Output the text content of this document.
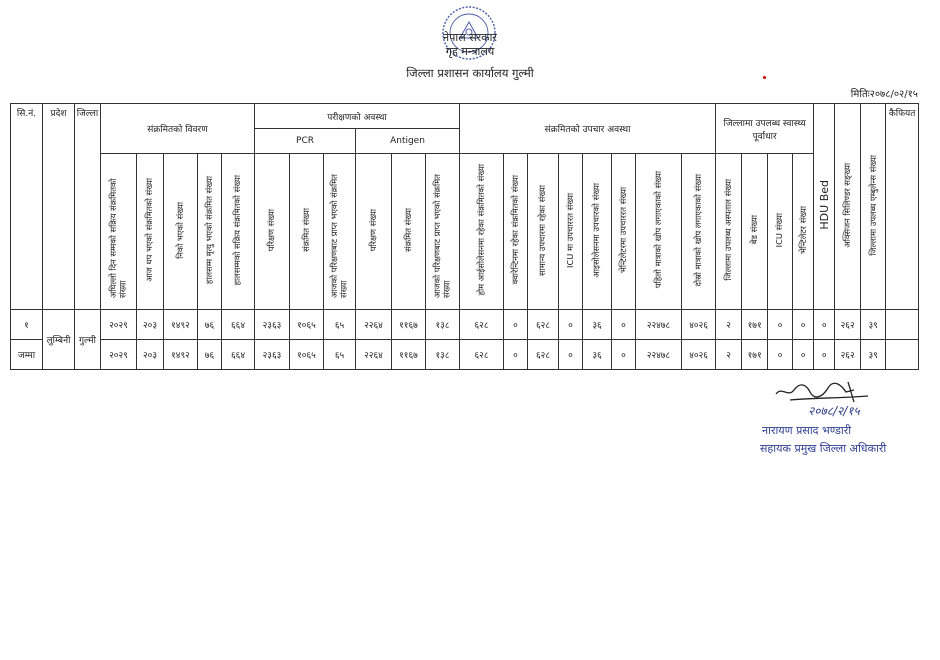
नेपाल सरकार
गृह मन्त्रालय
जिल्ला प्रशासन कार्यालय गुल्मी
मितिः२०७८/०२/१५
सि.नं.	प्रदेश	जिल्ला	संक्रमितको विवरण					परीक्षणको अवस्था						संक्रमितको उपचार अवस्था								जिल्लामा उपलब्ध स्वास्थ्य पूर्वाधार				HDU Bed	अक्सिजन सिलिण्डर सङ्ख्या	जिल्लामा उपलब्ध एम्बुलेन्स संख्या	कैफियत
								PCR			Antigen																		
			अघिल्लो दिन सम्मको सक्रिय संक्रमितको संख्या	आज थप भएको संक्रमितको संख्या	निको भएको संख्या	हालसम्म मृत्यु भएको संक्रमित संख्या	हालसम्मको सक्रिय संक्रमितको संख्या	परिक्षण संख्या	संक्रमित संख्या	आजको परिक्षणबाट प्राप्त भएको संक्रमित संख्या	परिक्षण संख्या	संक्रमित संख्या	आजको परिक्षणबाट प्राप्त भएको संक्रमित संख्या	होम आईसोलेसनमा रहेका संक्रमितको संख्या	क्वारेन्टिनमा रहेका संक्रमितको संख्या	सामान्य उपचारमा रहेका संख्या	ICU मा उपचाररत संख्या	आइसोलेसनमा उपचारको संख्या	भेन्टिलेटरमा उपचाररत संख्या	पहिलो मात्राको खोप लगाएकाको संख्या	दोस्रो मात्राको खोप लगाएकाको संख्या	जिल्लामा उपलब्ध अस्पताल संख्या	बेड संख्या	ICU संख्या	भेन्टिलेटर संख्या				
१	लुम्बिनी	गुल्मी	२०२९	२०३	१४९२	७६	६६४	२३६३	१०६५	६५	२२६४	११६७	१३८	६२८	०	६२८	०	३६	०	२२४७८	४०२६	२	१७१	०	०	०	२६२	३९	
जम्मा			२०२९	२०३	१४९२	७६	६६४	२३६३	१०६५	६५	२२६४	११६७	१३८	६२८	०	६२८	०	३६	०	२२४७८	४०२६	२	१७१	०	०	०	२६२	३९	
२०७८/२/१५
नारायण प्रसाद भण्डारी
सहायक प्रमुख जिल्ला अधिकारी
